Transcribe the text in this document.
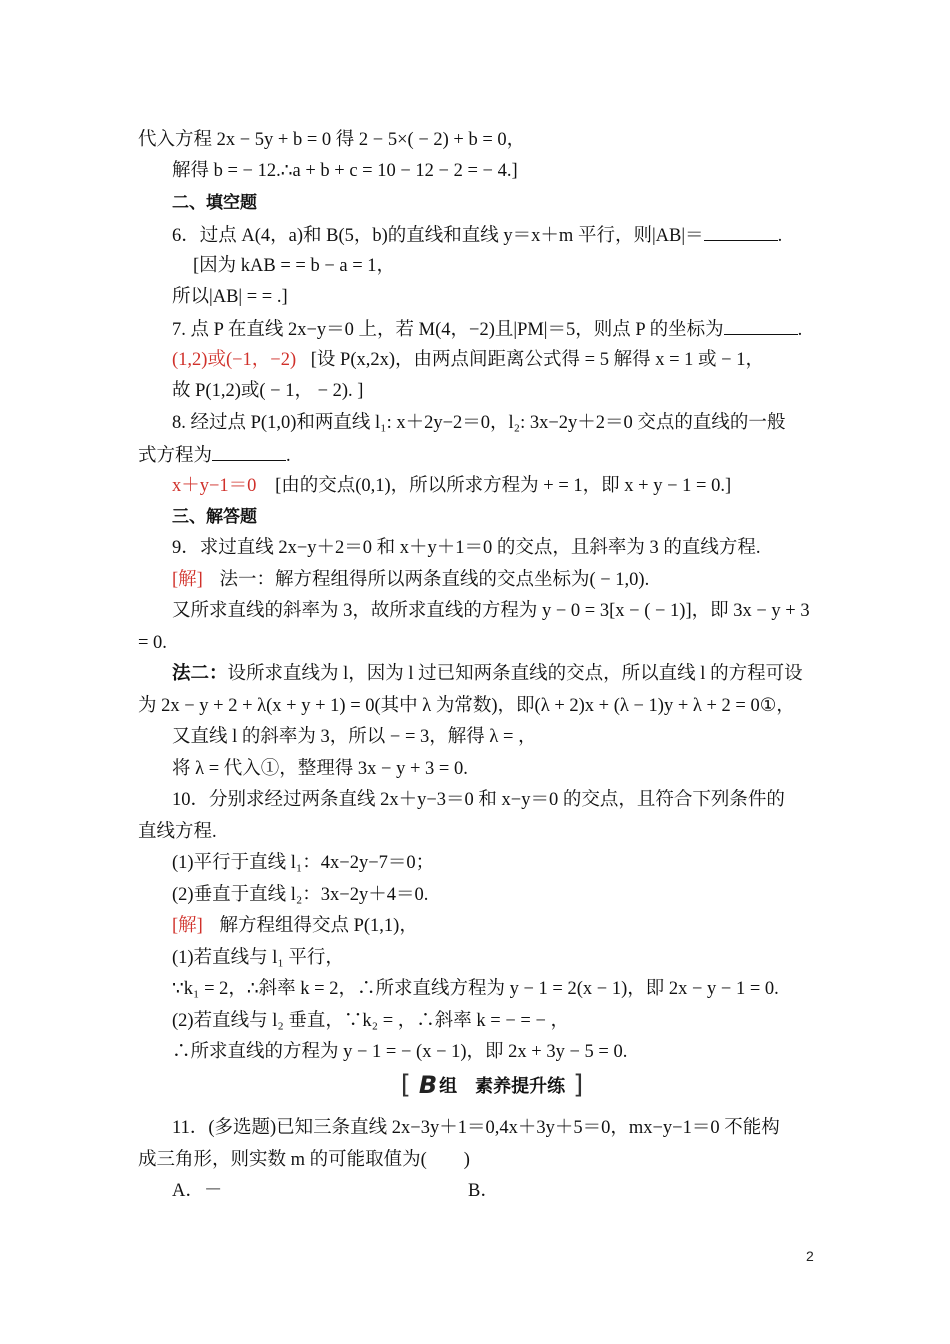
代入方程 2x − 5y + b = 0 得 2 − 5×( − 2) + b = 0，
解得 b = − 12.∴a + b + c = 10 − 12 − 2 = − 4.]
二、填空题
6．过点 A(4，a)和 B(5，b)的直线和直线 y＝x＋m 平行，则|AB|＝	.
[因为 kAB = = b − a = 1，
所以|AB| = = .]
7. 点 P 在直线 2x−y＝0 上，若 M(4，−2)且|PM|＝5，则点 P 的坐标为	.
(1,2)或(−1，−2) [设 P(x,2x)，由两点间距离公式得 = 5 解得 x = 1 或 − 1，
故 P(1,2)或( − 1， − 2). ]
8. 经过点 P(1,0)和两直线 l₁: x＋2y−2＝0，l₂: 3x−2y＋2＝0 交点的直线的一般
式方程为	.
x＋y−1＝0 [由的交点(0,1)，所以所求方程为 + = 1，即 x + y − 1 = 0.]
三、解答题
9．求过直线 2x−y＋2＝0 和 x＋y＋1＝0 的交点，且斜率为 3 的直线方程.
[解] 法一：解方程组得所以两条直线的交点坐标为( − 1,0).
又所求直线的斜率为 3，故所求直线的方程为 y − 0 = 3[x − ( − 1)]，即 3x − y + 3
= 0.
法二：设所求直线为 l，因为 l 过已知两条直线的交点，所以直线 l 的方程可设
为 2x − y + 2 + λ(x + y + 1) = 0(其中 λ 为常数)，即(λ + 2)x + (λ − 1)y + λ + 2 = 0①，
又直线 l 的斜率为 3，所以 − = 3，解得 λ = ，
将 λ = 代入①，整理得 3x − y + 3 = 0.
10．分别求经过两条直线 2x＋y−3＝0 和 x−y＝0 的交点，且符合下列条件的
直线方程.
(1)平行于直线 l₁：4x−2y−7＝0；
(2)垂直于直线 l₂：3x−2y＋4＝0.
[解] 解方程组得交点 P(1,1)，
(1)若直线与 l₁ 平行，
∵k₁ = 2，∴斜率 k = 2，∴所求直线方程为 y − 1 = 2(x − 1)，即 2x − y − 1 = 0.
(2)若直线与 l₂ 垂直，∵k₂ = ，∴斜率 k = − = − ，
∴所求直线的方程为 y − 1 = − (x − 1)，即 2x + 3y − 5 = 0.
[ B 组 素养提升练 ]
11．(多选题)已知三条直线 2x−3y＋1＝0,4x＋3y＋5＝0，mx−y−1＝0 不能构
成三角形，则实数 m 的可能取值为(　　)
A．－	B．
2
